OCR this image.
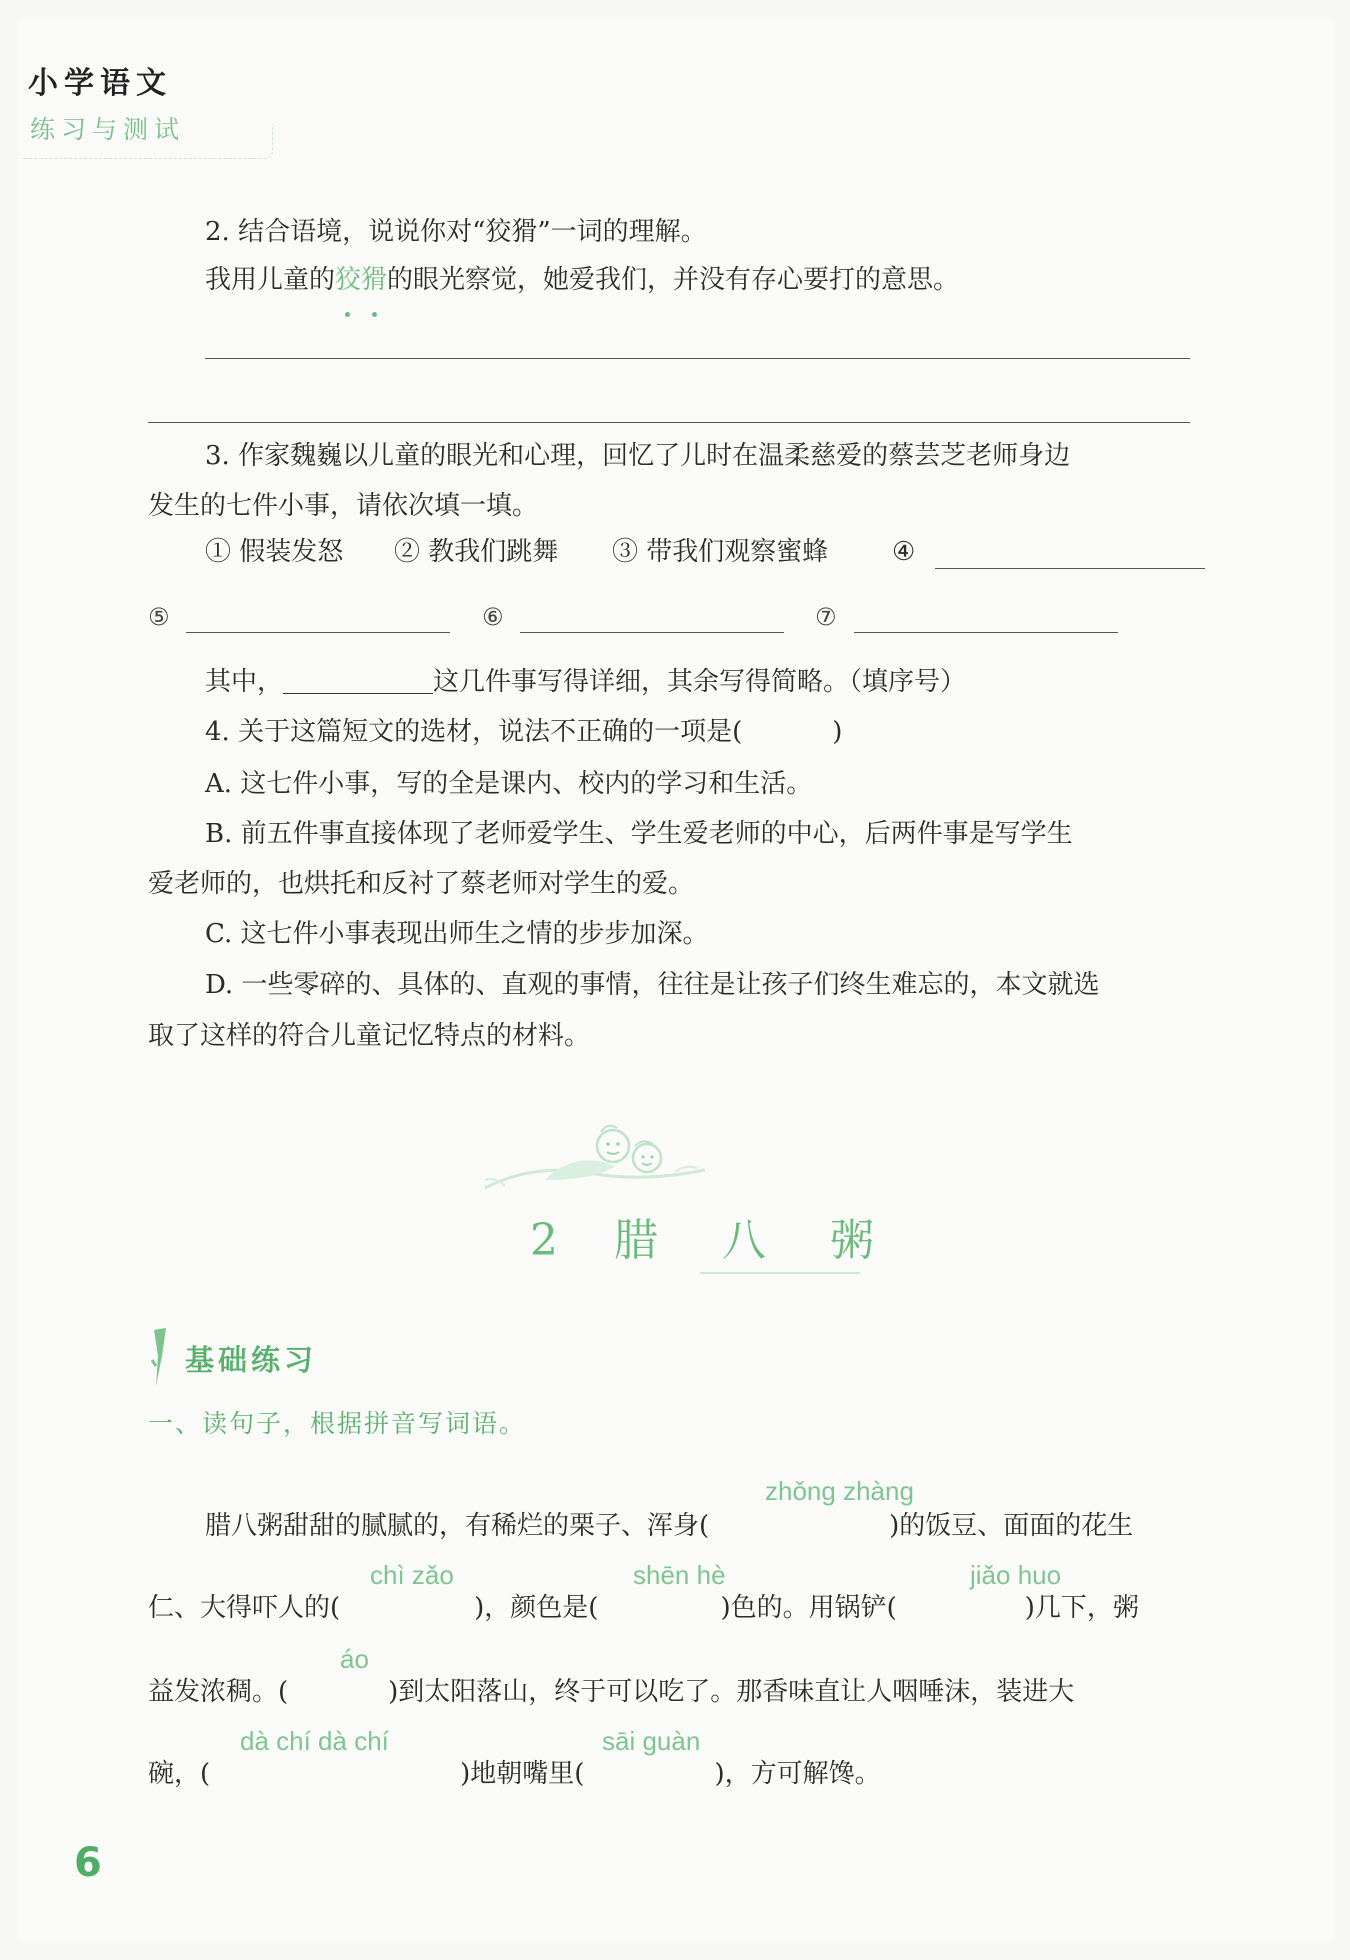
小学语文
练习与测试
2. 结合语境，说说你对“狡猾”一词的理解。
我用儿童的狡猾
的眼光察觉，她爱我们，并没有存心要打的意思。
3. 作家魏巍以儿童的眼光和心理，回忆了儿时在温柔慈爱的蔡芸芝老师身边
发生的七件小事，请依次填一填。
① 假装发怒 ② 教我们跳舞 ③ 带我们观察蜜蜂 ④
⑤	⑥	⑦
其中，	这几件事写得详细，其余写得简略。（填序号）
4. 关于这篇短文的选材，说法不正确的一项是(	)
A. 这七件小事，写的全是课内、校内的学习和生活。
B. 前五件事直接体现了老师爱学生、学生爱老师的中心，后两件事是写学生
爱老师的，也烘托和反衬了蔡老师对学生的爱。
C. 这七件小事表现出师生之情的步步加深。
D. 一些零碎的、具体的、直观的事情，往往是让孩子们终生难忘的，本文就选
取了这样的符合儿童记忆特点的材料。
2 腊 八 粥
基础练习
一、读句子，根据拼音写词语。
zhǒng zhàng
腊八粥甜甜的腻腻的，有稀烂的栗子、浑身(	)的饭豆、面面的花生
chì zǎo	shēn hè	jiǎo huo
仁、大得吓人的(	)，颜色是(	)色的。用锅铲(	)几下，粥
áo
益发浓稠。(	)到太阳落山，终于可以吃了。那香味直让人咽唾沫，装进大
dà chí dà chí	sāi guàn
碗，(	)地朝嘴里(	)，方可解馋。
6
